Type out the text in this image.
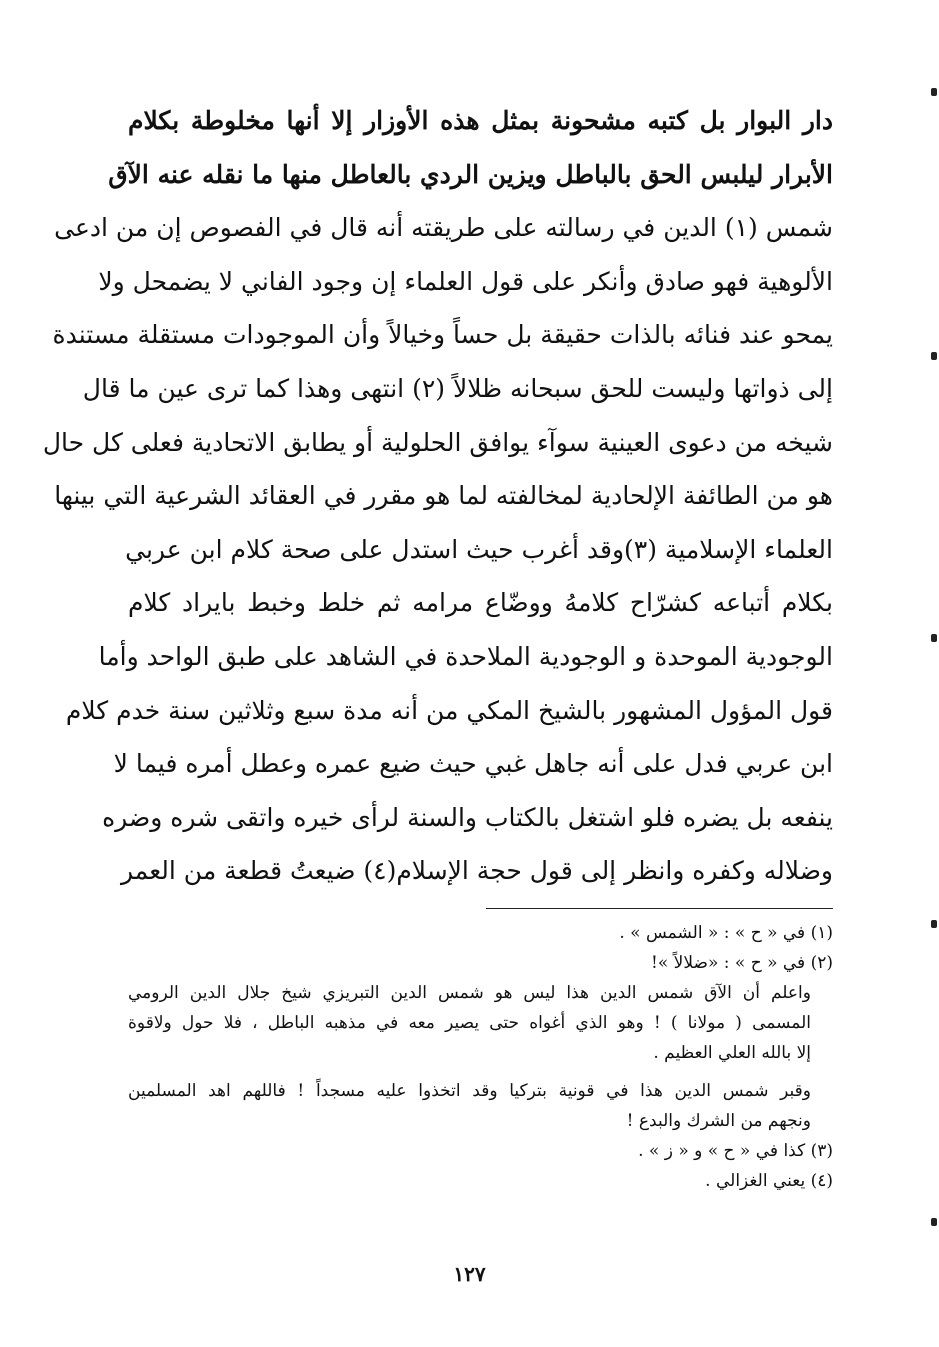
دار البوار بل كتبه مشحونة بمثل هذه الأوزار إلا أنها مخلوطة بكلام
الأبرار ليلبس الحق بالباطل ويزين الردي بالعاطل منها ما نقله عنه الآق
شمس (١) الدين في رسالته على طريقته أنه قال في الفصوص إن من ادعى
الألوهية فهو صادق وأنكر على قول العلماء إن وجود الفاني لا يضمحل ولا
يمحو عند فنائه بالذات حقيقة بل حساً وخيالاً وأن الموجودات مستقلة مستندة
إلى ذواتها وليست للحق سبحانه ظلالاً (٢) انتهى وهذا كما ترى عين ما قال
شيخه من دعوى العينية سوآء يوافق الحلولية أو يطابق الاتحادية فعلى كل حال
هو من الطائفة الإلحادية لمخالفته لما هو مقرر في العقائد الشرعية التي بينها
العلماء الإسلامية (٣)وقد أغرب حيث استدل على صحة كلام ابن عربي
بكلام أتباعه كشرّاح كلامهُ ووضّاع مرامه ثم خلط وخبط بايراد كلام
الوجودية الموحدة و الوجودية الملاحدة في الشاهد على طبق الواحد وأما
قول المؤول المشهور بالشيخ المكي من أنه مدة سبع وثلاثين سنة خدم كلام
ابن عربي فدل على أنه جاهل غبي حيث ضيع عمره وعطل أمره فيما لا
ينفعه بل يضره فلو اشتغل بالكتاب والسنة لرأى خيره واتقى شره وضره
وضلاله وكفره وانظر إلى قول حجة الإسلام(٤) ضيعتُ قطعة من العمر
(١) في « ح » : « الشمس » .
(٢) في « ح » : «ضلالاً »!
واعلم أن الآق شمس الدين هذا ليس هو شمس الدين التبريزي شيخ جلال الدين الرومي
المسمى ( مولانا ) ! وهو الذي أغواه حتى يصير معه في مذهبه الباطل ، فلا حول ولاقوة
إلا بالله العلي العظيم .
وقبر شمس الدين هذا في قونية بتركيا وقد اتخذوا عليه مسجداً ! فاللهم اهد المسلمين
ونجهم من الشرك والبدع !
(٣) كذا في « ح » و « ز » .
(٤) يعني الغزالي .
١٢٧
